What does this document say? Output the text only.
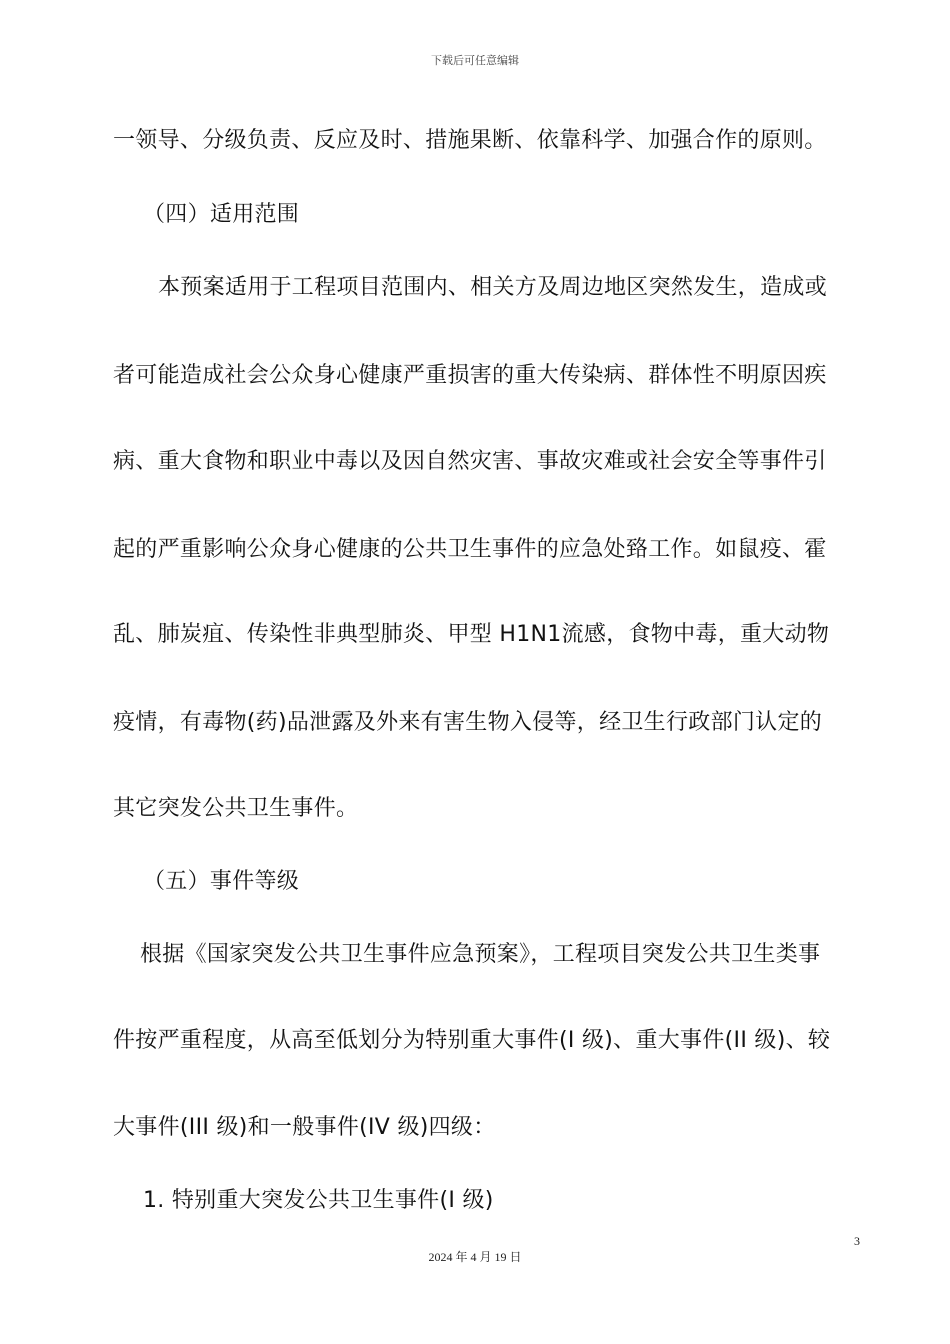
下载后可任意编辑
一领导、分级负责、反应及时、措施果断、依靠科学、加强合作的原则。
（四）适用范围
本预案适用于工程项目范围内、相关方及周边地区突然发生，造成或
者可能造成社会公众身心健康严重损害的重大传染病、群体性不明原因疾
病、重大食物和职业中毒以及因自然灾害、事故灾难或社会安全等事件引
起的严重影响公众身心健康的公共卫生事件的应急处臵工作。如鼠疫、霍
乱、肺炭疽、传染性非典型肺炎、甲型 H1N1流感，食物中毒，重大动物
疫情，有毒物(药)品泄露及外来有害生物入侵等，经卫生行政部门认定的
其它突发公共卫生事件。
（五）事件等级
根据《国家突发公共卫生事件应急预案》，工程项目突发公共卫生类事
件按严重程度，从高至低划分为特别重大事件(I 级)、重大事件(II 级)、较
大事件(III 级)和一般事件(IV 级)四级：
1. 特别重大突发公共卫生事件(I 级)
3
2024 年 4 月 19 日
